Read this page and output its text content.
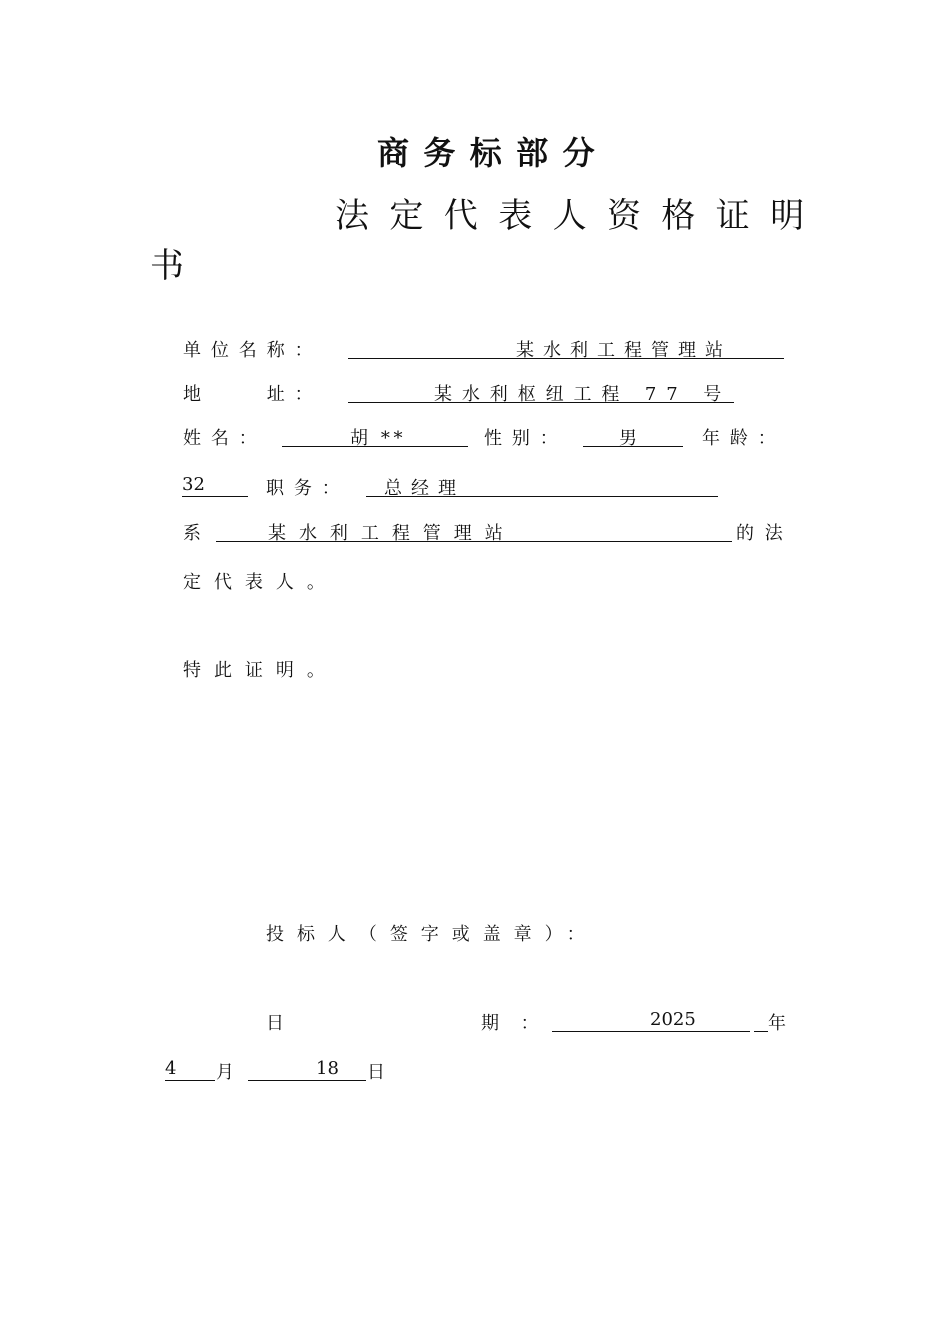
商务标部分
法定代表人资格证明
书
单位名称：	某水利工程管理站
地　　址：	某水利枢纽工程 77 号
姓名：	胡 **	性别：	男	年龄：
32	职务： 总经理
系	某水利工程管理站	的法
定代表人。
特此证明。
投标人（签字或盖章）：
日	期：	2025	年
4 月	18 日
